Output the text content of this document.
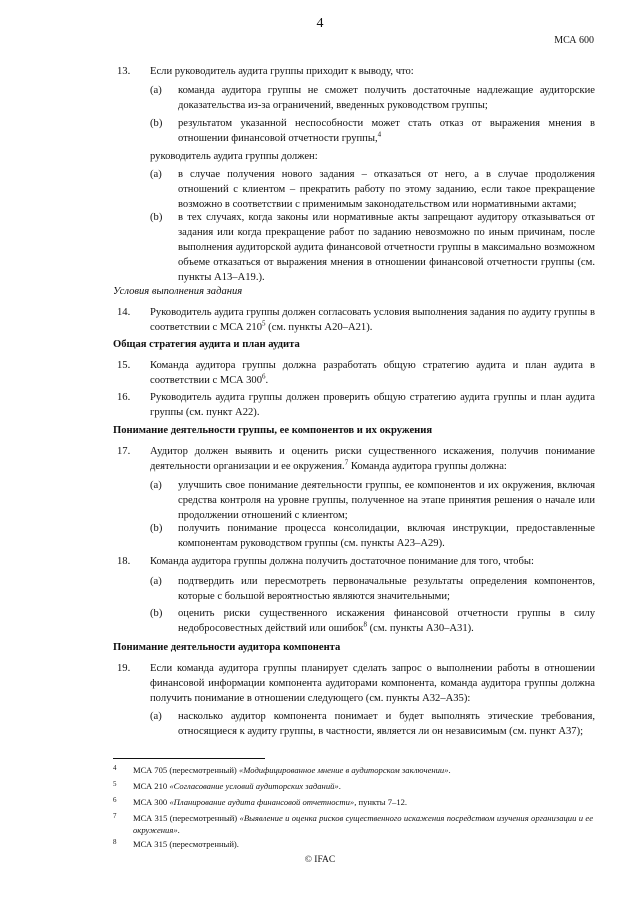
4
МСА 600
13. Если руководитель аудита группы приходит к выводу, что:
(a) команда аудитора группы не сможет получить достаточные надлежащие аудиторские доказательства из-за ограничений, введенных руководством группы;
(b) результатом указанной неспособности может стать отказ от выражения мнения в отношении финансовой отчетности группы,$^4$
руководитель аудита группы должен:
(a) в случае получения нового задания – отказаться от него, а в случае продолжения отношений с клиентом – прекратить работу по этому заданию, если такое прекращение возможно в соответствии с применимым законодательством или нормативными актами;
(b) в тех случаях, когда законы или нормативные акты запрещают аудитору отказываться от задания или когда прекращение работ по заданию невозможно по иным причинам, после выполнения аудиторской аудита финансовой отчетности группы в максимально возможном объеме отказаться от выражения мнения в отношении финансовой отчетности группы (см. пункты A13–A19.).
Условия выполнения задания
14. Руководитель аудита группы должен согласовать условия выполнения задания по аудиту группы в соответствии с МСА $210^5$ (см. пункты A20–A21).
Общая стратегия аудита и план аудита
15. Команда аудитора группы должна разработать общую стратегию аудита и план аудита в соответствии с МСА $300^6$.
16. Руководитель аудита группы должен проверить общую стратегию аудита группы и план аудита группы (см. пункт A22).
Понимание деятельности группы, ее компонентов и их окружения
17. Аудитор должен выявить и оценить риски существенного искажения, получив понимание деятельности организации и ее окружения.$^7$ Команда аудитора группы должна:
(a) улучшить свое понимание деятельности группы, ее компонентов и их окружения, включая средства контроля на уровне группы, полученное на этапе принятия решения о начале или продолжении отношений с клиентом;
(b) получить понимание процесса консолидации, включая инструкции, предоставленные компонентам руководством группы (см. пункты A23–A29).
18. Команда аудитора группы должна получить достаточное понимание для того, чтобы:
(a) подтвердить или пересмотреть первоначальные результаты определения компонентов, которые с большой вероятностью являются значительными;
(b) оценить риски существенного искажения финансовой отчетности группы в силу недобросовестных действий или ошибок$^8$ (см. пункты A30–A31).
Понимание деятельности аудитора компонента
19. Если команда аудитора группы планирует сделать запрос о выполнении работы в отношении финансовой информации компонента аудиторами компонента, команда аудитора группы должна получить понимание в отношении следующего (см. пункты A32–A35):
(a) насколько аудитор компонента понимает и будет выполнять этические требования, относящиеся к аудиту группы, в частности, является ли он независимым (см. пункт A37);
4 МСА 705 (пересмотренный) «Модифицированное мнение в аудиторском заключении».
5 МСА 210 «Согласование условий аудиторских заданий».
6 МСА 300 «Планирование аудита финансовой отчетности», пункты 7–12.
7 МСА 315 (пересмотренный) «Выявление и оценка рисков существенного искажения посредством изучения организации и ее окружения».
8 МСА 315 (пересмотренный).
© IFAC
